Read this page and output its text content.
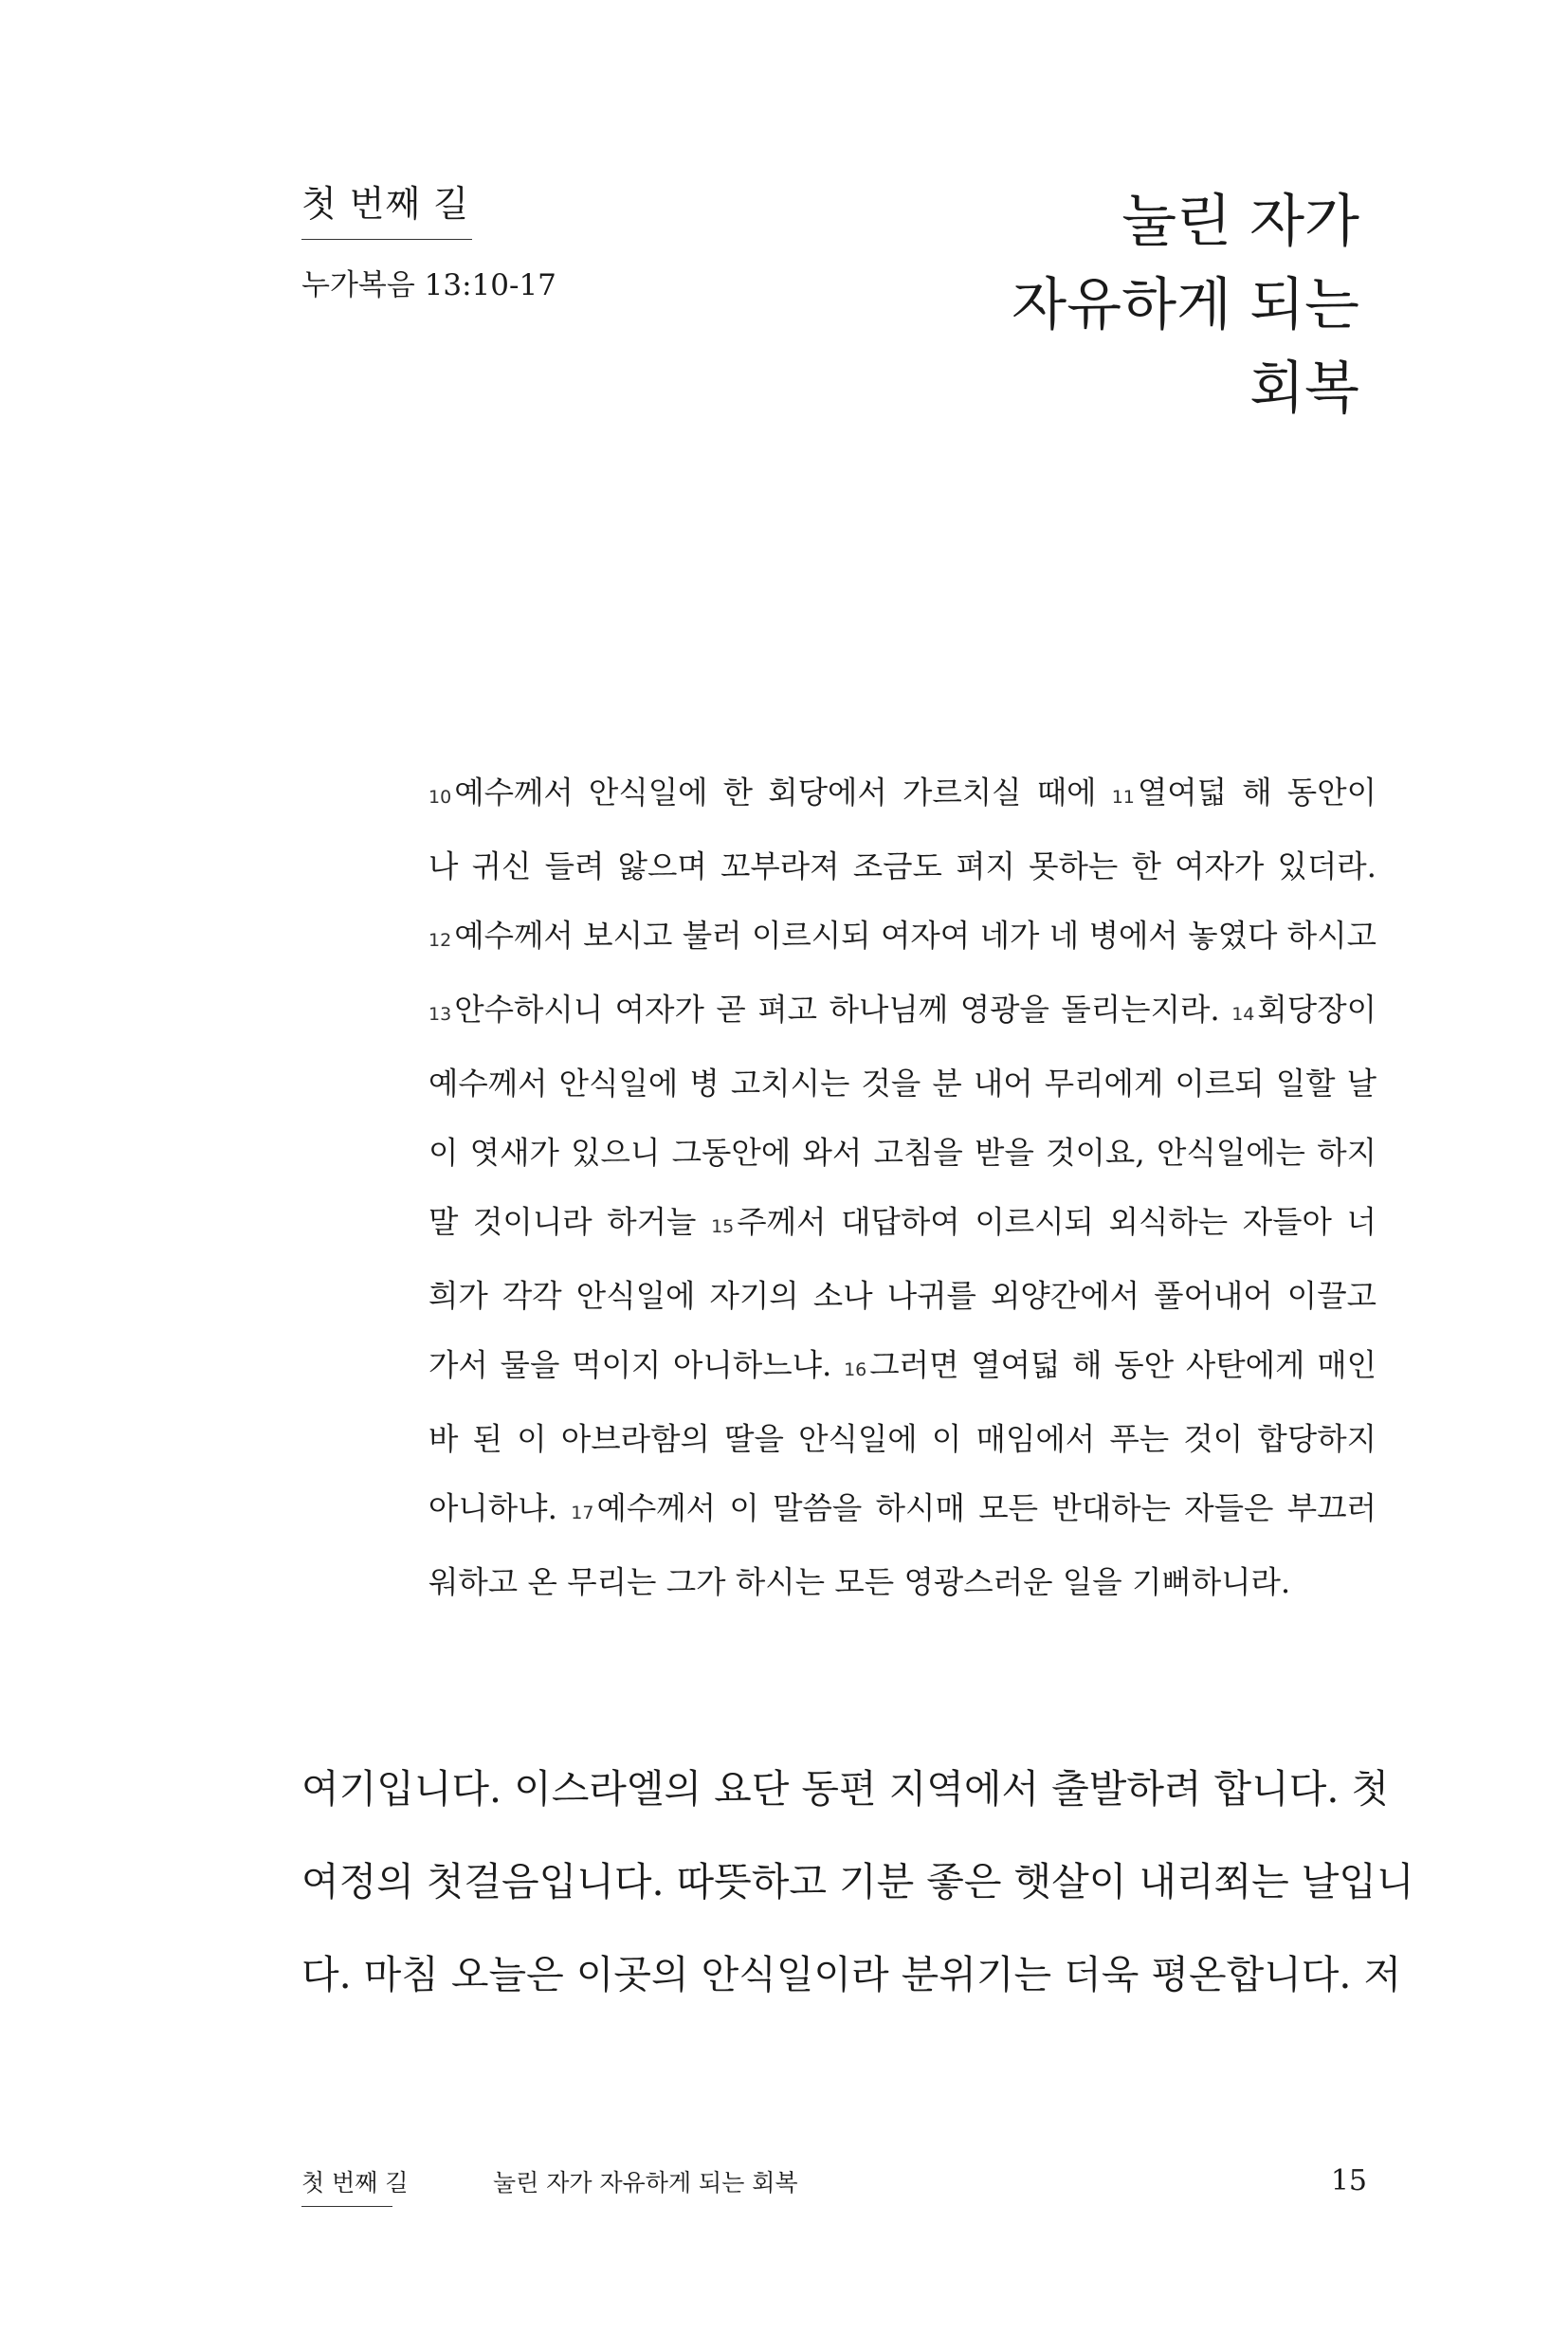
첫 번째 길
누가복음 13:10-17
눌린 자가
자유하게 되는
회복
10예수께서 안식일에 한 회당에서 가르치실 때에 11열여덟 해 동안이
나 귀신 들려 앓으며 꼬부라져 조금도 펴지 못하는 한 여자가 있더라.
12예수께서 보시고 불러 이르시되 여자여 네가 네 병에서 놓였다 하시고
13안수하시니 여자가 곧 펴고 하나님께 영광을 돌리는지라. 14회당장이
예수께서 안식일에 병 고치시는 것을 분 내어 무리에게 이르되 일할 날
이 엿새가 있으니 그동안에 와서 고침을 받을 것이요, 안식일에는 하지
말 것이니라 하거늘 15주께서 대답하여 이르시되 외식하는 자들아 너
희가 각각 안식일에 자기의 소나 나귀를 외양간에서 풀어내어 이끌고
가서 물을 먹이지 아니하느냐. 16그러면 열여덟 해 동안 사탄에게 매인
바 된 이 아브라함의 딸을 안식일에 이 매임에서 푸는 것이 합당하지
아니하냐. 17예수께서 이 말씀을 하시매 모든 반대하는 자들은 부끄러
워하고 온 무리는 그가 하시는 모든 영광스러운 일을 기뻐하니라.
여기입니다. 이스라엘의 요단 동편 지역에서 출발하려 합니다. 첫
여정의 첫걸음입니다. 따뜻하고 기분 좋은 햇살이 내리쬐는 날입니
다. 마침 오늘은 이곳의 안식일이라 분위기는 더욱 평온합니다. 저
첫 번째 길	눌린 자가 자유하게 되는 회복	15
